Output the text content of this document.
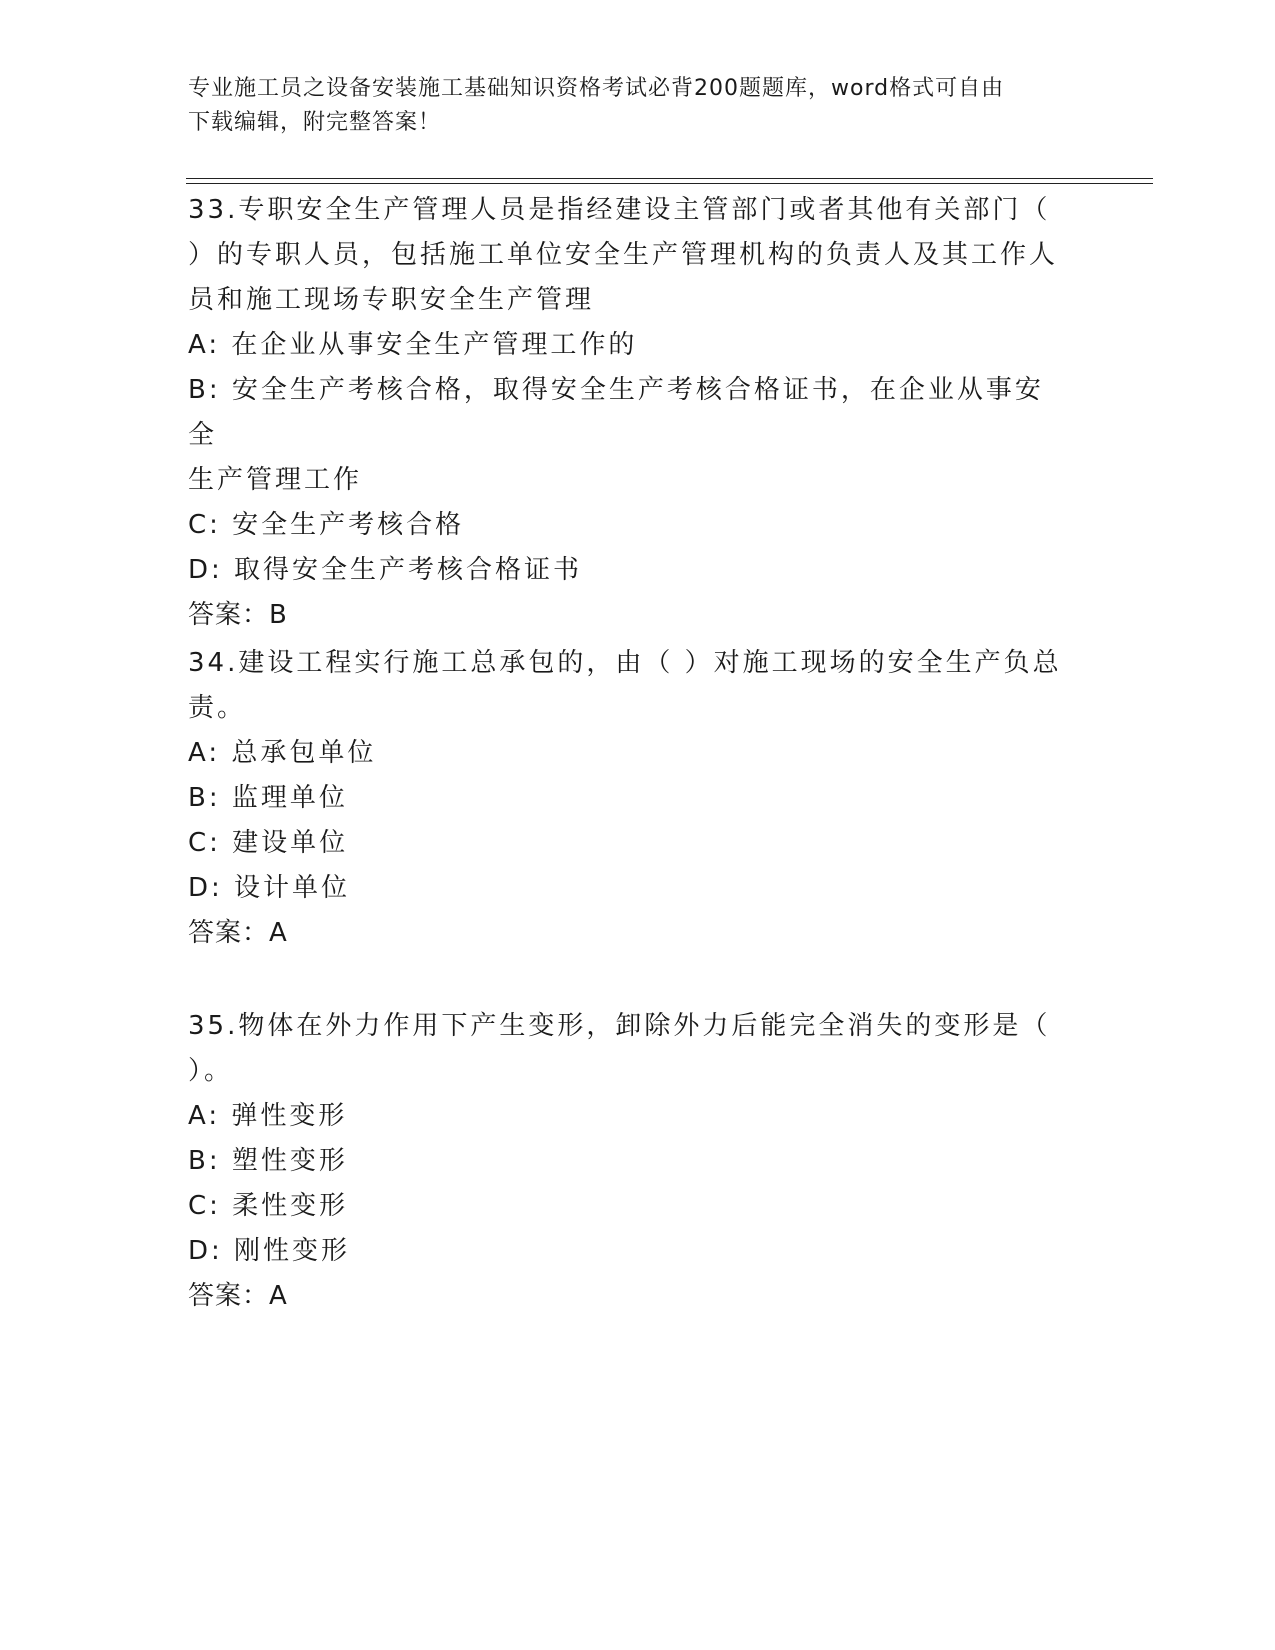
专业施工员之设备安装施工基础知识资格考试必背200题题库，word格式可自由
下载编辑，附完整答案！

33.专职安全生产管理人员是指经建设主管部门或者其他有关部门（
）的专职人员，包括施工单位安全生产管理机构的负责人及其工作人
员和施工现场专职安全生产管理

A: 在企业从事安全生产管理工作的

B: 安全生产考核合格，取得安全生产考核合格证书，在企业从事安全
生产管理工作

C: 安全生产考核合格

D: 取得安全生产考核合格证书

答案：B

34.建设工程实行施工总承包的，由（ ）对施工现场的安全生产负总
责。

A: 总承包单位

B: 监理单位

C: 建设单位

D: 设计单位

答案：A

35.物体在外力作用下产生变形，卸除外力后能完全消失的变形是（
）。

A: 弹性变形

B: 塑性变形

C: 柔性变形

D: 刚性变形

答案：A
